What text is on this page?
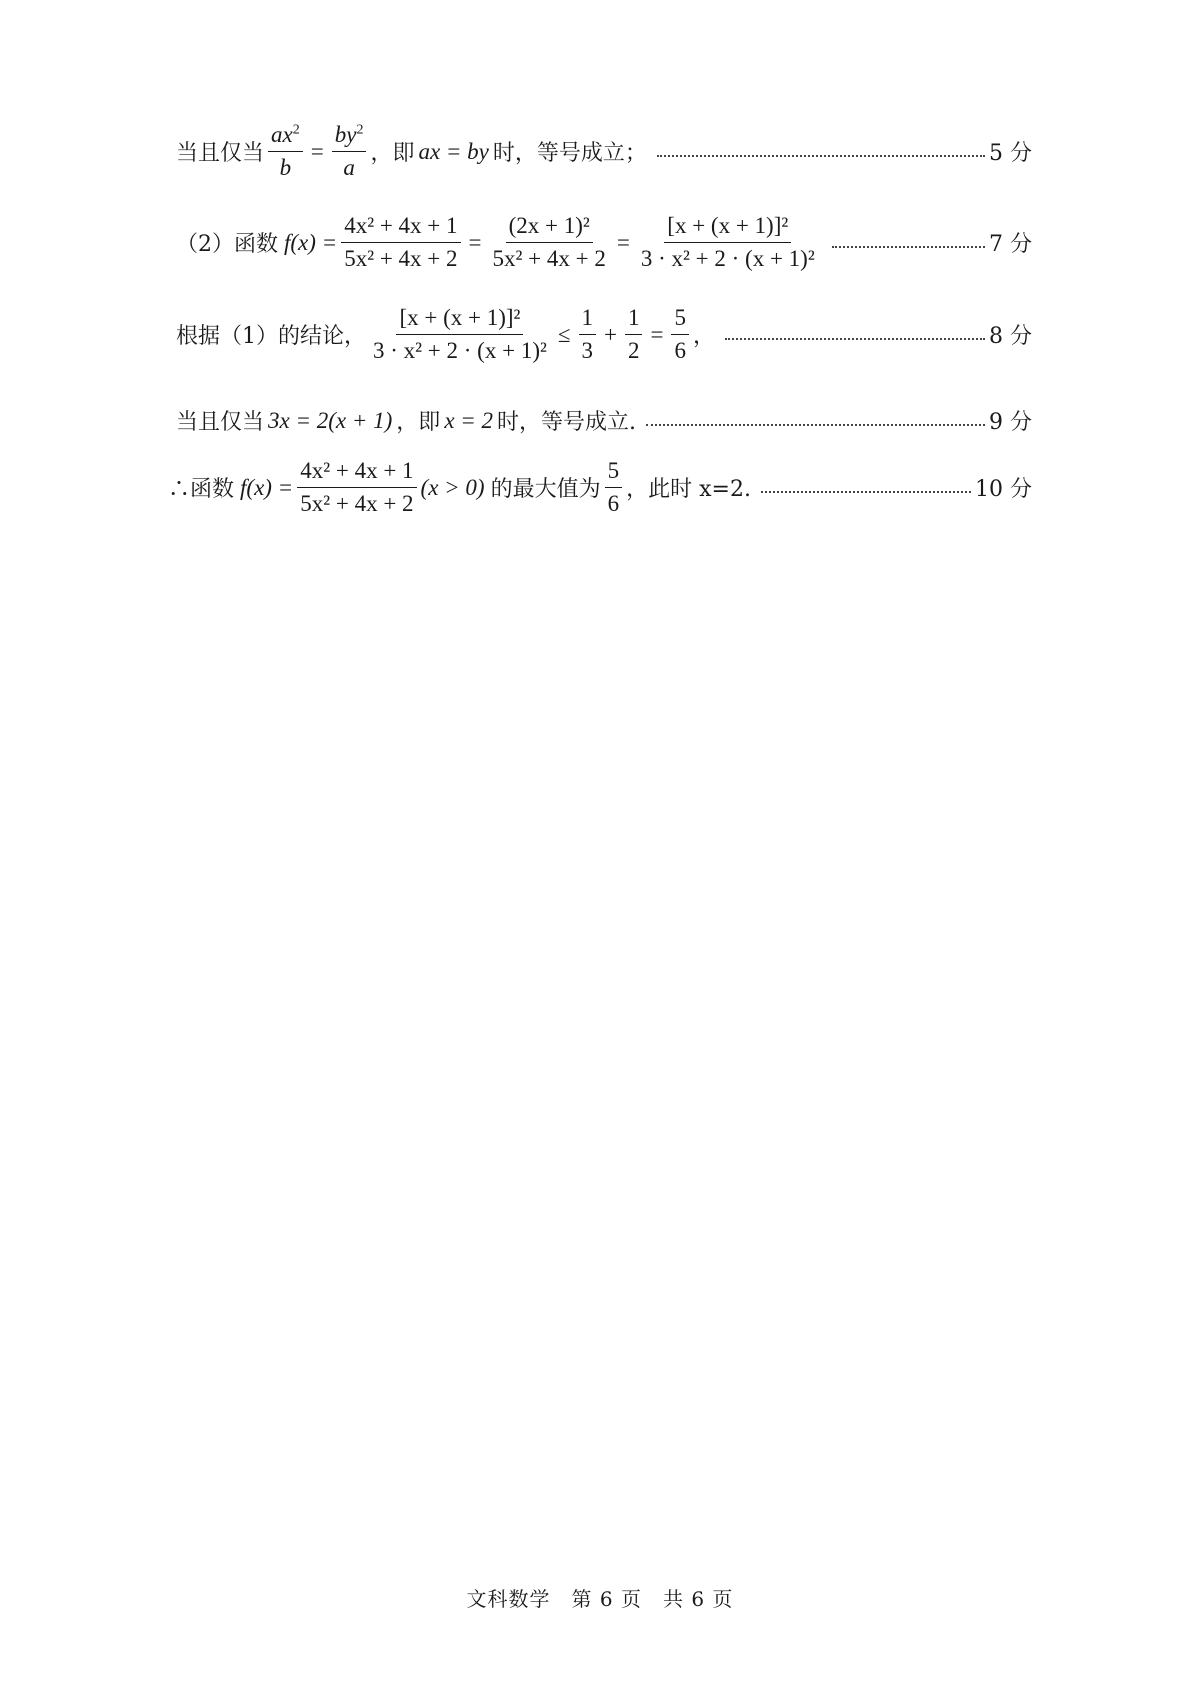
当且仅当 $\frac{ax^2}{b} = \frac{by^2}{a}$ ，即 ax = by 时，等号成立；	5 分
（2）函数 $f(x) = \frac{\text{4x² + 4x + 1}}{\text{5x² + 4x + 2}} = \frac{\text{(2x + 1)²}}{\text{5x² + 4x + 2}} = \frac{\text{[x + (x + 1)]²}}{\text{3 · x² + 2 · (x + 1)²}}$	7 分
根据（1）的结论， $\frac{\text{[x + (x + 1)]²}}{\text{3 · x² + 2 · (x + 1)²}} \le \frac{1}{3} + \frac{1}{2} = \frac{5}{6}$ ，	8 分
当且仅当 3x = 2(x + 1) ，即 x = 2 时，等号成立.	9 分
∴函数 $f(x) = \frac{\text{4x² + 4x + 1}}{\text{5x² + 4x + 2}} (x > 0)$ 的最大值为 $\frac{5}{6}$ ，此时 x=2.	10 分
文科数学　第 6 页　共 6 页
